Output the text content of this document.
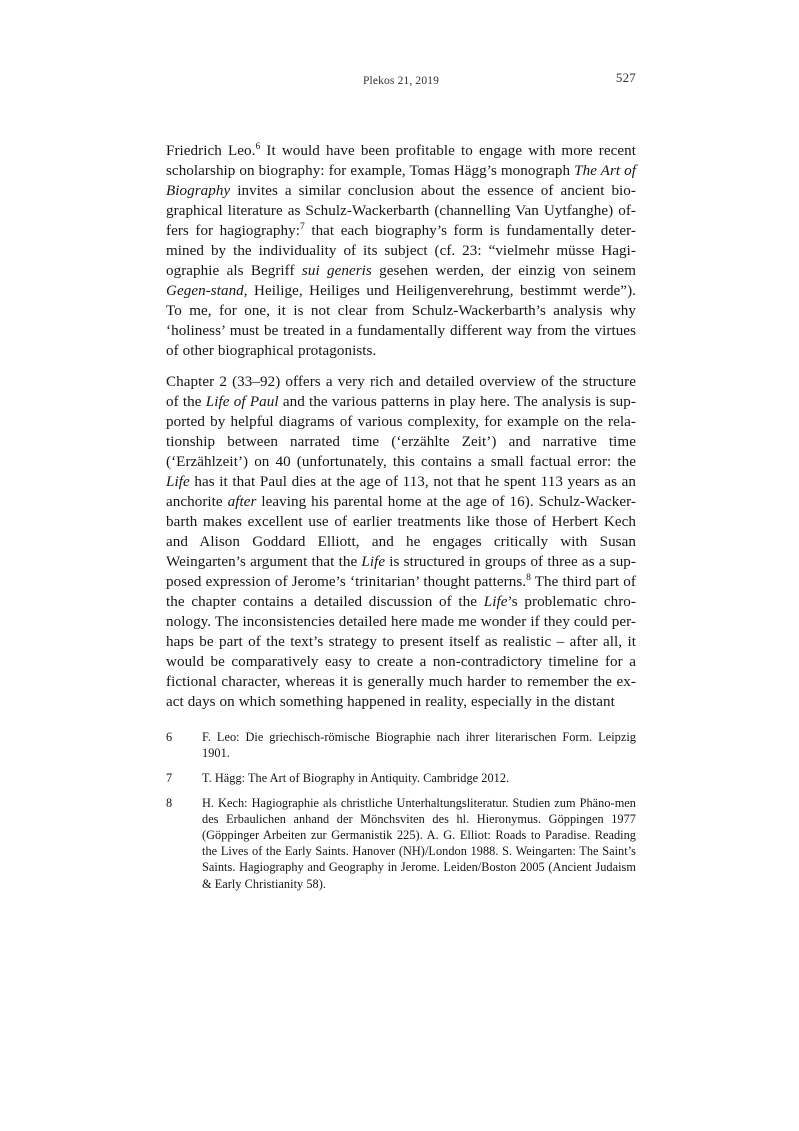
Plekos 21, 2019	527

Friedrich Leo.$^6$ It would have been profitable to engage with more recent scholarship on biography: for example, Tomas Hägg’s monograph The Art of Biography invites a similar conclusion about the essence of ancient bio-graphical literature as Schulz-Wackerbarth (channelling Van Uytfanghe) of-fers for hagiography:$^7$ that each biography’s form is fundamentally deter-mined by the individuality of its subject (cf. 23: “vielmehr müsse Hagi-ographie als Begriff sui generis gesehen werden, der einzig von seinem Gegen-stand, Heilige, Heiliges und Heiligenverehrung, bestimmt werde”). To me, for one, it is not clear from Schulz-Wackerbarth’s analysis why ‘holiness’ must be treated in a fundamentally different way from the virtues of other biographical protagonists.

Chapter 2 (33–92) offers a very rich and detailed overview of the structure of the Life of Paul and the various patterns in play here. The analysis is sup-ported by helpful diagrams of various complexity, for example on the rela-tionship between narrated time (‘erzählte Zeit’) and narrative time (‘Erzählzeit’) on 40 (unfortunately, this contains a small factual error: the Life has it that Paul dies at the age of 113, not that he spent 113 years as an anchorite after leaving his parental home at the age of 16). Schulz-Wacker-barth makes excellent use of earlier treatments like those of Herbert Kech and Alison Goddard Elliott, and he engages critically with Susan Weingarten’s argument that the Life is structured in groups of three as a sup-posed expression of Jerome’s ‘trinitarian’ thought patterns.$^8$ The third part of the chapter contains a detailed discussion of the Life’s problematic chro-nology. The inconsistencies detailed here made me wonder if they could per-haps be part of the text’s strategy to present itself as realistic – after all, it would be comparatively easy to create a non-contradictory timeline for a fictional character, whereas it is generally much harder to remember the ex-act days on which something happened in reality, especially in the distant

6	F. Leo: Die griechisch-römische Biographie nach ihrer literarischen Form. Leipzig 1901.
7	T. Hägg: The Art of Biography in Antiquity. Cambridge 2012.
8	H. Kech: Hagiographie als christliche Unterhaltungsliteratur. Studien zum Phäno-men des Erbaulichen anhand der Mönchsviten des hl. Hieronymus. Göppingen 1977 (Göppinger Arbeiten zur Germanistik 225). A. G. Elliot: Roads to Paradise. Reading the Lives of the Early Saints. Hanover (NH)/London 1988. S. Weingarten: The Saint’s Saints. Hagiography and Geography in Jerome. Leiden/Boston 2005 (Ancient Judaism & Early Christianity 58).
